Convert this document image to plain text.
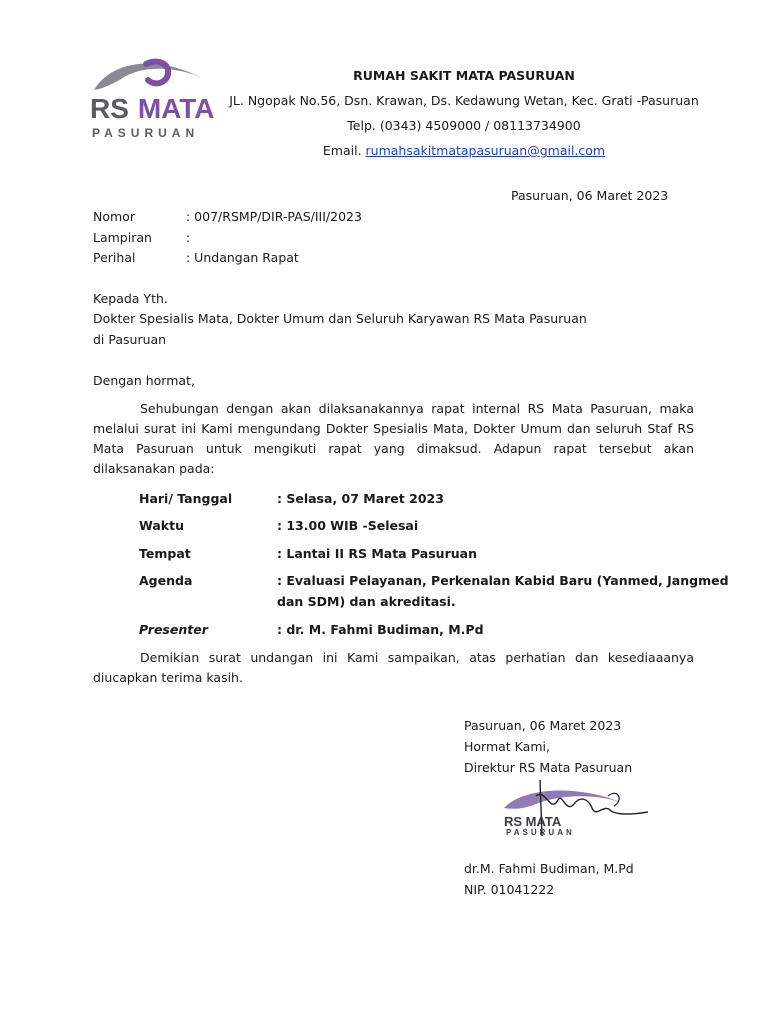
RS MATA
PASURUAN
RUMAH SAKIT MATA PASURUAN
JL. Ngopak No.56, Dsn. Krawan, Ds. Kedawung Wetan, Kec. Grati -Pasuruan
Telp. (0343) 4509000 / 08113734900
Email. rumahsakitmatapasuruan@gmail.com
Pasuruan, 06 Maret 2023
Nomor	: 007/RSMP/DIR-PAS/III/2023
Lampiran	:
Perihal	: Undangan Rapat
Kepada Yth.
Dokter Spesialis Mata, Dokter Umum dan Seluruh Karyawan RS Mata Pasuruan
di Pasuruan
Dengan hormat,
Sehubungan dengan akan dilaksanakannya rapat internal RS Mata Pasuruan, maka melalui surat ini Kami mengundang Dokter Spesialis Mata, Dokter Umum dan seluruh Staf RS Mata Pasuruan untuk mengikuti rapat yang dimaksud. Adapun rapat tersebut akan dilaksanakan pada:
Hari/ Tanggal	: Selasa, 07 Maret 2023
Waktu	: 13.00 WIB -Selesai
Tempat	: Lantai II RS Mata Pasuruan
Agenda	: Evaluasi Pelayanan, Perkenalan Kabid Baru (Yanmed, Jangmed
dan SDM) dan akreditasi.
Presenter	: dr. M. Fahmi Budiman, M.Pd
Demikian surat undangan ini Kami sampaikan, atas perhatian dan kesediaaanya diucapkan terima kasih.
Pasuruan, 06 Maret 2023
Hormat Kami,
Direktur RS Mata Pasuruan
RS MATA
PASURUAN
dr.M. Fahmi Budiman, M.Pd
NIP. 01041222
